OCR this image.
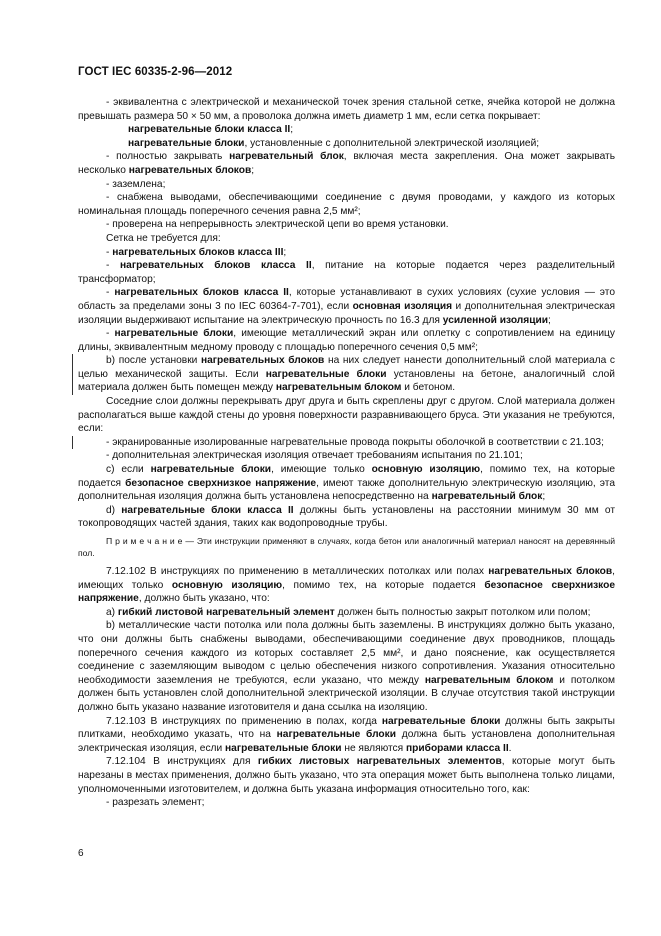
ГОСТ IEC 60335-2-96—2012

- эквивалентна с электрической и механической точек зрения стальной сетке, ячейка которой не должна превышать размера 50 × 50 мм, а проволока должна иметь диаметр 1 мм, если сетка покрывает:

нагревательные блоки класса II;

нагревательные блоки, установленные с дополнительной электрической изоляцией;

- полностью закрывать нагревательный блок, включая места закрепления. Она может закрывать несколько нагревательных блоков;

- заземлена;

- снабжена выводами, обеспечивающими соединение с двумя проводами, у каждого из которых номинальная площадь поперечного сечения равна 2,5 мм²;

- проверена на непрерывность электрической цепи во время установки.

Сетка не требуется для:

- нагревательных блоков класса III;

- нагревательных блоков класса II, питание на которые подается через разделительный трансформатор;

- нагревательных блоков класса II, которые устанавливают в сухих условиях (сухие условия — это область за пределами зоны 3 по IEC 60364-7-701), если основная изоляция и дополнительная электрическая изоляции выдерживают испытание на электрическую прочность по 16.3 для усиленной изоляции;

- нагревательные блоки, имеющие металлический экран или оплетку с сопротивлением на единицу длины, эквивалентным медному проводу с площадью поперечного сечения 0,5 мм²;

b) после установки нагревательных блоков на них следует нанести дополнительный слой материала с целью механической защиты. Если нагревательные блоки установлены на бетоне, аналогичный слой материала должен быть помещен между нагревательным блоком и бетоном.

Соседние слои должны перекрывать друг друга и быть скреплены друг с другом. Слой материала должен располагаться выше каждой стены до уровня поверхности разравнивающего бруса. Эти указания не требуются, если:

- экранированные изолированные нагревательные провода покрыты оболочкой в соответствии с 21.103;

- дополнительная электрическая изоляция отвечает требованиям испытания по 21.101;

c) если нагревательные блоки, имеющие только основную изоляцию, помимо тех, на которые подается безопасное сверхнизкое напряжение, имеют также дополнительную электрическую изоляцию, эта дополнительная изоляция должна быть установлена непосредственно на нагревательный блок;

d) нагревательные блоки класса II должны быть установлены на расстоянии минимум 30 мм от токопроводящих частей здания, таких как водопроводные трубы.

П р и м е ч а н и е — Эти инструкции применяют в случаях, когда бетон или аналогичный материал наносят на деревянный пол.

7.12.102 В инструкциях по применению в металлических потолках или полах нагревательных блоков, имеющих только основную изоляцию, помимо тех, на которые подается безопасное сверхнизкое напряжение, должно быть указано, что:

a) гибкий листовой нагревательный элемент должен быть полностью закрыт потолком или полом;

b) металлические части потолка или пола должны быть заземлены. В инструкциях должно быть указано, что они должны быть снабжены выводами, обеспечивающими соединение двух проводников, площадь поперечного сечения каждого из которых составляет 2,5 мм², и дано пояснение, как осуществляется соединение с заземляющим выводом с целью обеспечения низкого сопротивления. Указания относительно необходимости заземления не требуются, если указано, что между нагревательным блоком и потолком должен быть установлен слой дополнительной электрической изоляции. В случае отсутствия такой инструкции должно быть указано название изготовителя и дана ссылка на изоляцию.

7.12.103 В инструкциях по применению в полах, когда нагревательные блоки должны быть закрыты плитками, необходимо указать, что на нагревательные блоки должна быть установлена дополнительная электрическая изоляция, если нагревательные блоки не являются приборами класса II.

7.12.104 В инструкциях для гибких листовых нагревательных элементов, которые могут быть нарезаны в местах применения, должно быть указано, что эта операция может быть выполнена только лицами, уполномоченными изготовителем, и должна быть указана информация относительно того, как:

- разрезать элемент;

6
